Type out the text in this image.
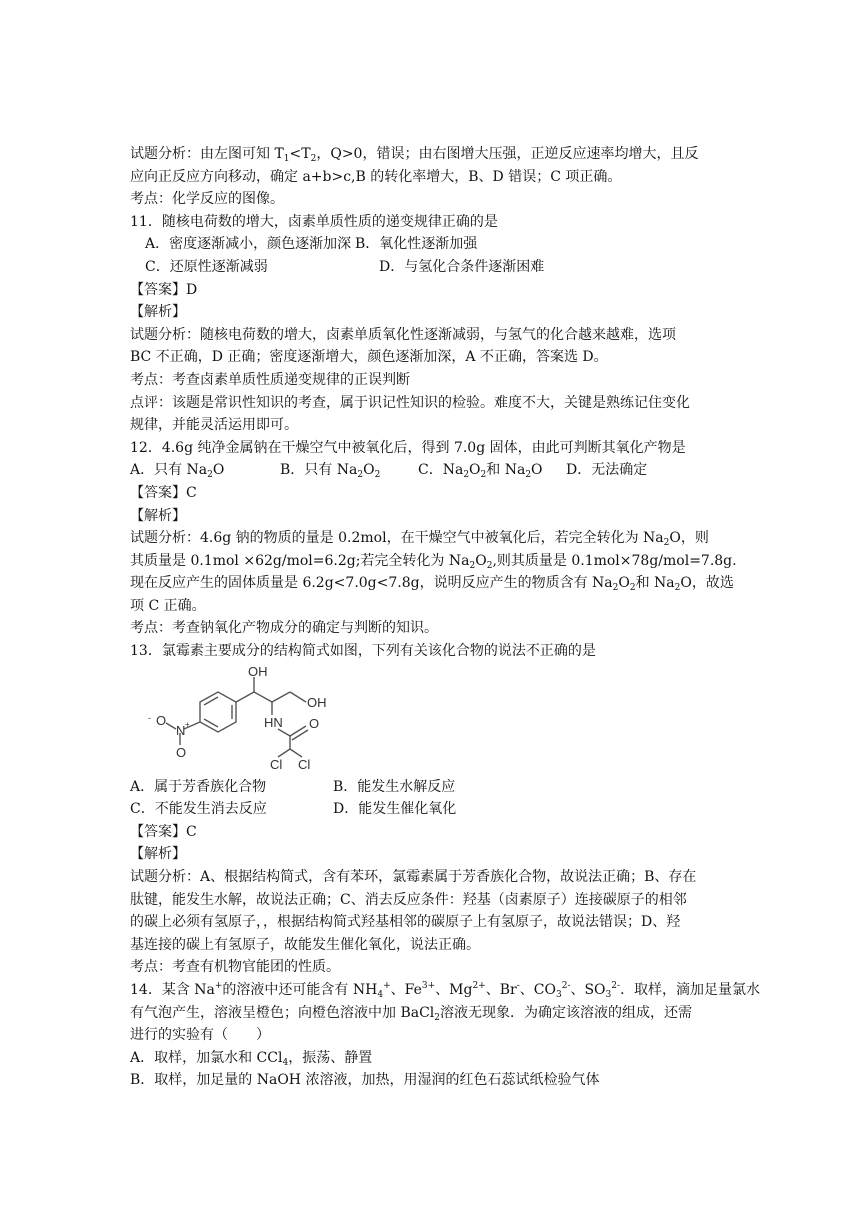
试题分析：由左图可知 $T_1<T_2$，Q>0，错误；由右图增大压强，正逆反应速率均增大，且反
应向正反应方向移动，确定 a+b>c,B 的转化率增大，B、D 错误；C 项正确。
考点：化学反应的图像。
11．随核电荷数的增大，卤素单质性质的递变规律正确的是
A．密度逐渐减小，颜色逐渐加深 B．氧化性逐渐加强
C．还原性逐渐减弱	D．与氢化合条件逐渐困难
【答案】D
【解析】
试题分析：随核电荷数的增大，卤素单质氧化性逐渐减弱，与氢气的化合越来越难，选项
BC 不正确，D 正确；密度逐渐增大，颜色逐渐加深，A 不正确，答案选 D。
考点：考查卤素单质性质递变规律的正误判断
点评：该题是常识性知识的考查，属于识记性知识的检验。难度不大，关键是熟练记住变化
规律，并能灵活运用即可。
12．4.6g 纯净金属钠在干燥空气中被氧化后，得到 7.0g 固体，由此可判断其氧化产物是
A．只有 $Na_2O$	B．只有 $Na_2O_2$	C．$Na_2O_2$和 $Na_2O$ D．无法确定
【答案】C
【解析】
试题分析：4.6g 钠的物质的量是 0.2mol，在干燥空气中被氧化后，若完全转化为 $Na_2O$，则
其质量是 0.1mol ×62g/mol=6.2g;若完全转化为 $Na_2O_2$,则其质量是 0.1mol×78g/mol=7.8g.
现在反应产生的固体质量是 6.2g<7.0g<7.8g，说明反应产生的物质含有 $Na_2O_2$和 $Na_2O$，故选
项 C 正确。
考点：考查钠氧化产物成分的确定与判断的知识。
13．氯霉素主要成分的结构简式如图，下列有关该化合物的说法不正确的是
OH
OH
HN O
Cl Cl
N +
O
-
O
A．属于芳香族化合物	B．能发生水解反应
C．不能发生消去反应	D．能发生催化氧化
【答案】C
【解析】
试题分析：A、根据结构简式，含有苯环，氯霉素属于芳香族化合物，故说法正确；B、存在
肽键，能发生水解，故说法正确；C、消去反应条件：羟基（卤素原子）连接碳原子的相邻
的碳上必须有氢原子，，根据结构简式羟基相邻的碳原子上有氢原子，故说法错误；D、羟
基连接的碳上有氢原子，故能发生催化氧化，说法正确。
考点：考查有机物官能团的性质。
14．某含 Na+的溶液中还可能含有 $NH_4^+$、$Fe^{3+}$、$Mg^{2+}$、Br-、$CO_3^{2-}$、$SO_3^{2-}$．取样，滴加足量氯水
有气泡产生，溶液呈橙色；向橙色溶液中加 BaCl$_2$溶液无现象．为确定该溶液的组成，还需
进行的实验有（　　）
A．取样，加氯水和 CCl$_4$，振荡、静置
B．取样，加足量的 NaOH 浓溶液，加热，用湿润的红色石蕊试纸检验气体
